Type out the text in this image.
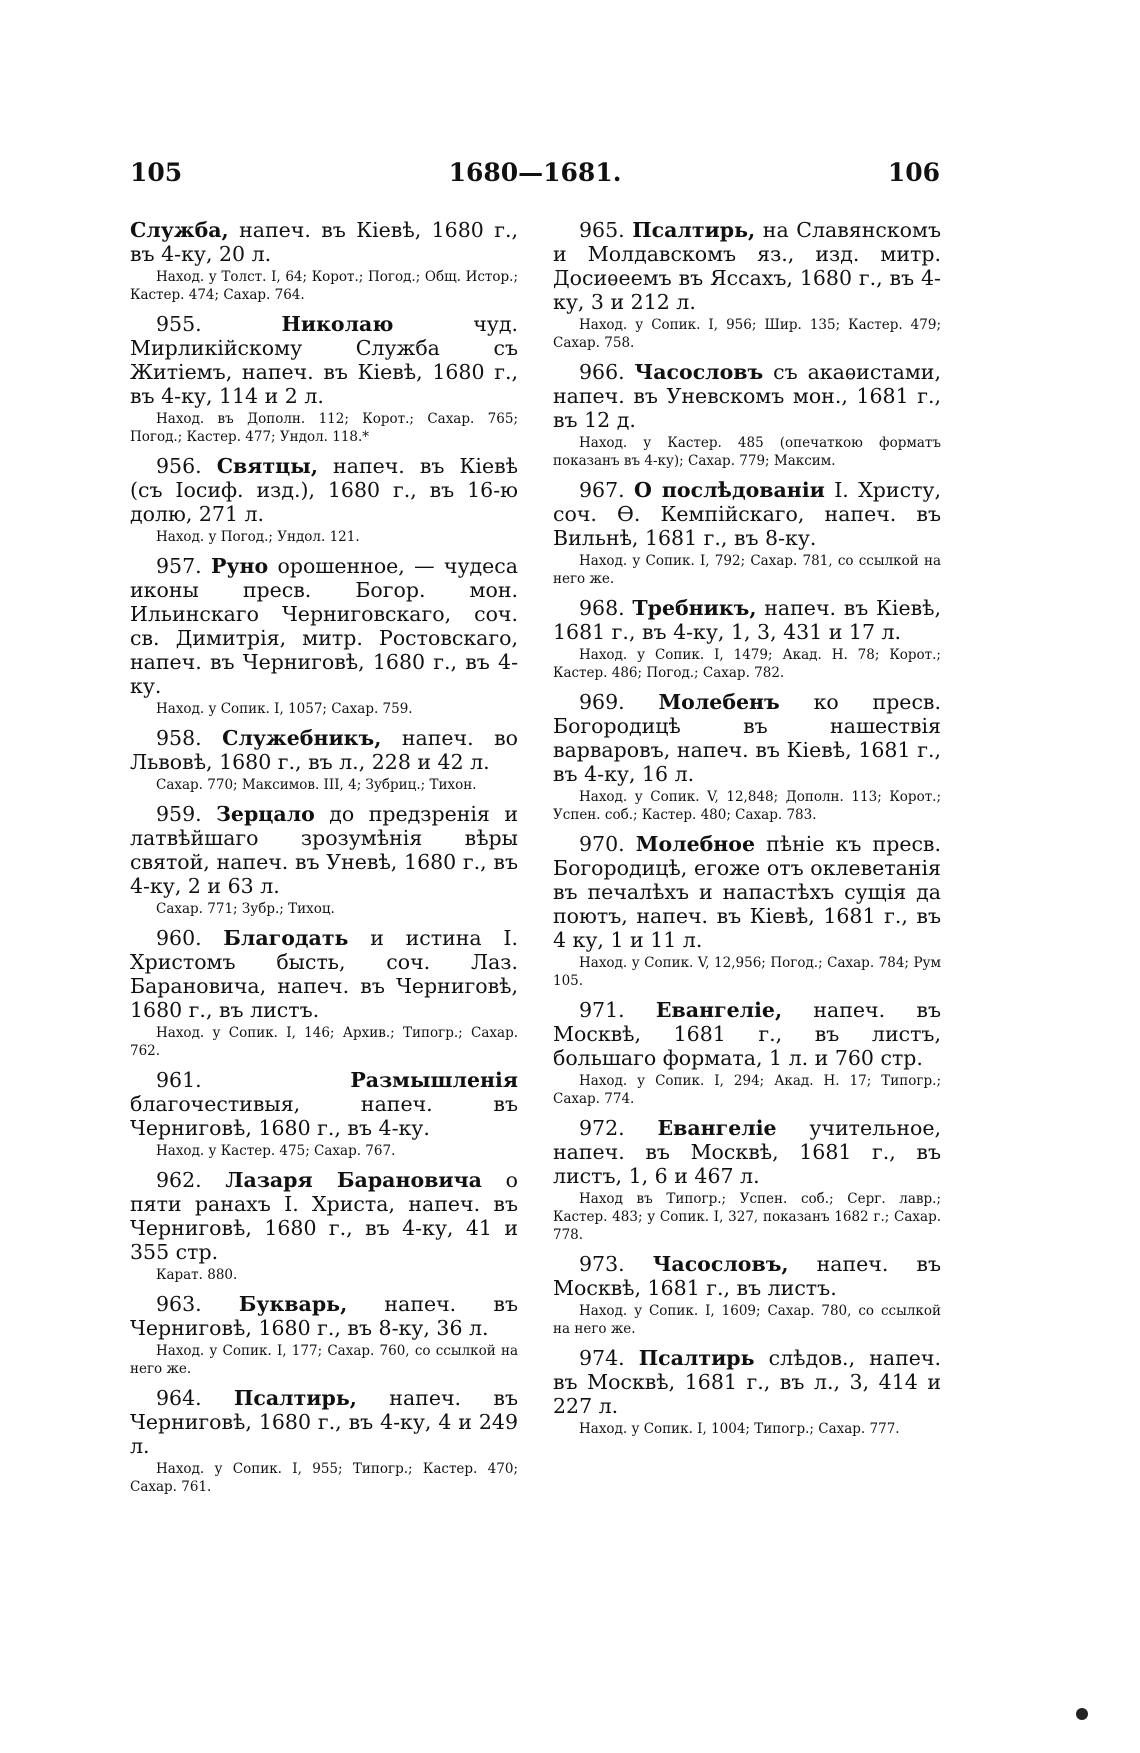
105	1680—1681.	106
Служба, напеч. въ Кіевѣ, 1680 г., въ 4-ку, 20 л.
Наход. у Толст. I, 64; Корот.; Погод.; Общ. Истор.; Кастер. 474; Сахар. 764.
955. Николаю чуд. Мирликійскому Служба съ Житіемъ, напеч. въ Кіевѣ, 1680 г., въ 4-ку, 114 и 2 л.
Наход. въ Дополн. 112; Корот.; Сахар. 765; Погод.; Кастер. 477; Ундол. 118.*
956. Святцы, напеч. въ Кіевѣ (съ Іосиф. изд.), 1680 г., въ 16-ю долю, 271 л.
Наход. у Погод.; Ундол. 121.
957. Руно орошенное, — чудеса иконы пресв. Богор. мон. Ильинскаго Черниговскаго, соч. св. Димитрія, митр. Ростовскаго, напеч. въ Черниговѣ, 1680 г., въ 4-ку.
Наход. у Сопик. I, 1057; Сахар. 759.
958. Служебникъ, напеч. во Львовѣ, 1680 г., въ л., 228 и 42 л.
Сахар. 770; Максимов. III, 4; Зубриц.; Тихон.
959. Зерцало до предзренія и латвѣйшаго зрозумѣнія вѣры святой, напеч. въ Уневѣ, 1680 г., въ 4-ку, 2 и 63 л.
Сахар. 771; Зубр.; Тихоц.
960. Благодать и истина І. Христомъ бысть, соч. Лаз. Барановича, напеч. въ Черниговѣ, 1680 г., въ листъ.
Наход. у Сопик. I, 146; Архив.; Типогр.; Сахар. 762.
961. Размышленія благочестивыя, напеч. въ Черниговѣ, 1680 г., въ 4-ку.
Наход. у Кастер. 475; Сахар. 767.
962. Лазаря Барановича о пяти ранахъ І. Христа, напеч. въ Черниговѣ, 1680 г., въ 4-ку, 41 и 355 стр.
Карат. 880.
963. Букварь, напеч. въ Черниговѣ, 1680 г., въ 8-ку, 36 л.
Наход. у Сопик. I, 177; Сахар. 760, со ссылкой на него же.
964. Псалтирь, напеч. въ Черниговѣ, 1680 г., въ 4-ку, 4 и 249 л.
Наход. у Сопик. I, 955; Типогр.; Кастер. 470; Сахар. 761.
965. Псалтирь, на Славянскомъ и Молдавскомъ яз., изд. митр. Досиѳеемъ въ Яссахъ, 1680 г., въ 4-ку, 3 и 212 л.
Наход. у Сопик. I, 956; Шир. 135; Кастер. 479; Сахар. 758.
966. Часословъ съ акаѳистами, напеч. въ Уневскомъ мон., 1681 г., въ 12 д.
Наход. у Кастер. 485 (опечаткою форматъ показанъ въ 4-ку); Сахар. 779; Максим.
967. О послѣдованіи І. Христу, соч. Ѳ. Кемпійскаго, напеч. въ Вильнѣ, 1681 г., въ 8-ку.
Наход. у Сопик. I, 792; Сахар. 781, со ссылкой на него же.
968. Требникъ, напеч. въ Кіевѣ, 1681 г., въ 4-ку, 1, 3, 431 и 17 л.
Наход. у Сопик. I, 1479; Акад. Н. 78; Корот.; Кастер. 486; Погод.; Сахар. 782.
969. Молебенъ ко пресв. Богородицѣ въ нашествія варваровъ, напеч. въ Кіевѣ, 1681 г., въ 4-ку, 16 л.
Наход. у Сопик. V, 12,848; Дополн. 113; Корот.; Успен. соб.; Кастер. 480; Сахар. 783.
970. Молебное пѣніе къ пресв. Богородицѣ, егоже отъ оклеветанія въ печалѣхъ и напастѣхъ сущія да поютъ, напеч. въ Кіевѣ, 1681 г., въ 4 ку, 1 и 11 л.
Наход. у Сопик. V, 12,956; Погод.; Сахар. 784; Рум 105.
971. Евангеліе, напеч. въ Москвѣ, 1681 г., въ листъ, большаго формата, 1 л. и 760 стр.
Наход. у Сопик. I, 294; Акад. Н. 17; Типогр.; Сахар. 774.
972. Евангеліе учительное, напеч. въ Москвѣ, 1681 г., въ листъ, 1, 6 и 467 л.
Наход въ Типогр.; Успен. соб.; Серг. лавр.; Кастер. 483; у Сопик. I, 327, показанъ 1682 г.; Сахар. 778.
973. Часословъ, напеч. въ Москвѣ, 1681 г., въ листъ.
Наход. у Сопик. I, 1609; Сахар. 780, со ссылкой на него же.
974. Псалтирь слѣдов., напеч. въ Москвѣ, 1681 г., въ л., 3, 414 и 227 л.
Наход. у Сопик. I, 1004; Типогр.; Сахар. 777.
